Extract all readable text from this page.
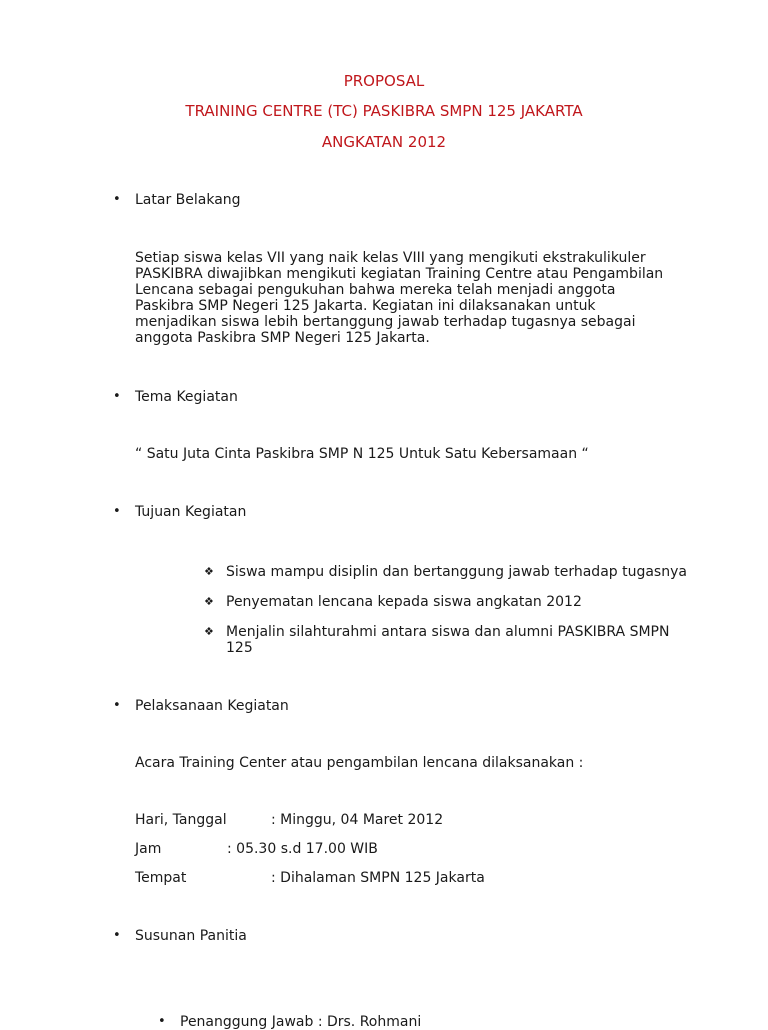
PROPOSAL
TRAINING CENTRE (TC) PASKIBRA SMPN 125 JAKARTA
ANGKATAN 2012
• Latar Belakang
Setiap siswa kelas VII yang naik kelas VIII yang mengikuti ekstrakulikuler PASKIBRA diwajibkan mengikuti kegiatan Training Centre atau Pengambilan Lencana sebagai pengukuhan bahwa mereka telah menjadi anggota Paskibra SMP Negeri 125 Jakarta. Kegiatan ini dilaksanakan untuk menjadikan siswa lebih bertanggung jawab terhadap tugasnya sebagai anggota Paskibra SMP Negeri 125 Jakarta.
• Tema Kegiatan
“ Satu Juta Cinta Paskibra SMP N 125 Untuk Satu Kebersamaan “
• Tujuan Kegiatan
❖ Siswa mampu disiplin dan bertanggung jawab terhadap tugasnya
❖ Penyematan lencana kepada siswa angkatan 2012
❖ Menjalin silahturahmi antara siswa dan alumni PASKIBRA SMPN 125
• Pelaksanaan Kegiatan
Acara Training Center atau pengambilan lencana dilaksanakan :
Hari, Tanggal	: Minggu, 04 Maret 2012
Jam	: 05.30 s.d 17.00 WIB
Tempat	: Dihalaman SMPN 125 Jakarta
• Susunan Panitia
• Penanggung Jawab : Drs. Rohmani
